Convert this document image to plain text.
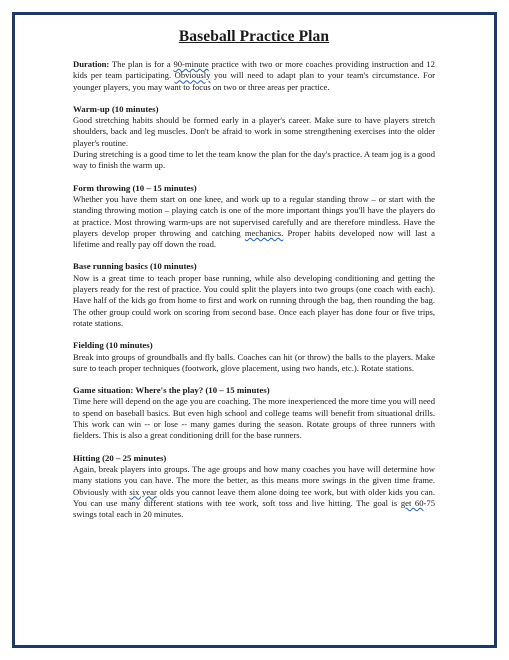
Baseball Practice Plan

Duration: The plan is for a 90-minute practice with two or more coaches providing instruction and 12 kids per team participating. Obviously you will need to adapt plan to your team's circumstance. For younger players, you may want to focus on two or three areas per practice.

Warm-up (10 minutes)

Good stretching habits should be formed early in a player's career. Make sure to have players stretch shoulders, back and leg muscles. Don't be afraid to work in some strengthening exercises into the older player's routine.

During stretching is a good time to let the team know the plan for the day's practice. A team jog is a good way to finish the warm up.

Form throwing (10 – 15 minutes)

Whether you have them start on one knee, and work up to a regular standing throw – or start with the standing throwing motion – playing catch is one of the more important things you'll have the players do at practice. Most throwing warm-ups are not supervised carefully and are therefore mindless. Have the players develop proper throwing and catching mechanics. Proper habits developed now will last a lifetime and really pay off down the road.

Base running basics (10 minutes)

Now is a great time to teach proper base running, while also developing conditioning and getting the players ready for the rest of practice. You could split the players into two groups (one coach with each). Have half of the kids go from home to first and work on running through the bag, then rounding the bag. The other group could work on scoring from second base. Once each player has done four or five trips, rotate stations.

Fielding (10 minutes)

Break into groups of groundballs and fly balls. Coaches can hit (or throw) the balls to the players. Make sure to teach proper techniques (footwork, glove placement, using two hands, etc.). Rotate stations.

Game situation: Where's the play? (10 – 15 minutes)

Time here will depend on the age you are coaching. The more inexperienced the more time you will need to spend on baseball basics. But even high school and college teams will benefit from situational drills. This work can win -- or lose -- many games during the season. Rotate groups of three runners with fielders. This is also a great conditioning drill for the base runners.

Hitting (20 – 25 minutes)

Again, break players into groups. The age groups and how many coaches you have will determine how many stations you can have. The more the better, as this means more swings in the given time frame. Obviously with six year olds you cannot leave them alone doing tee work, but with older kids you can. You can use many different stations with tee work, soft toss and live hitting. The goal is get 60-75 swings total each in 20 minutes.
